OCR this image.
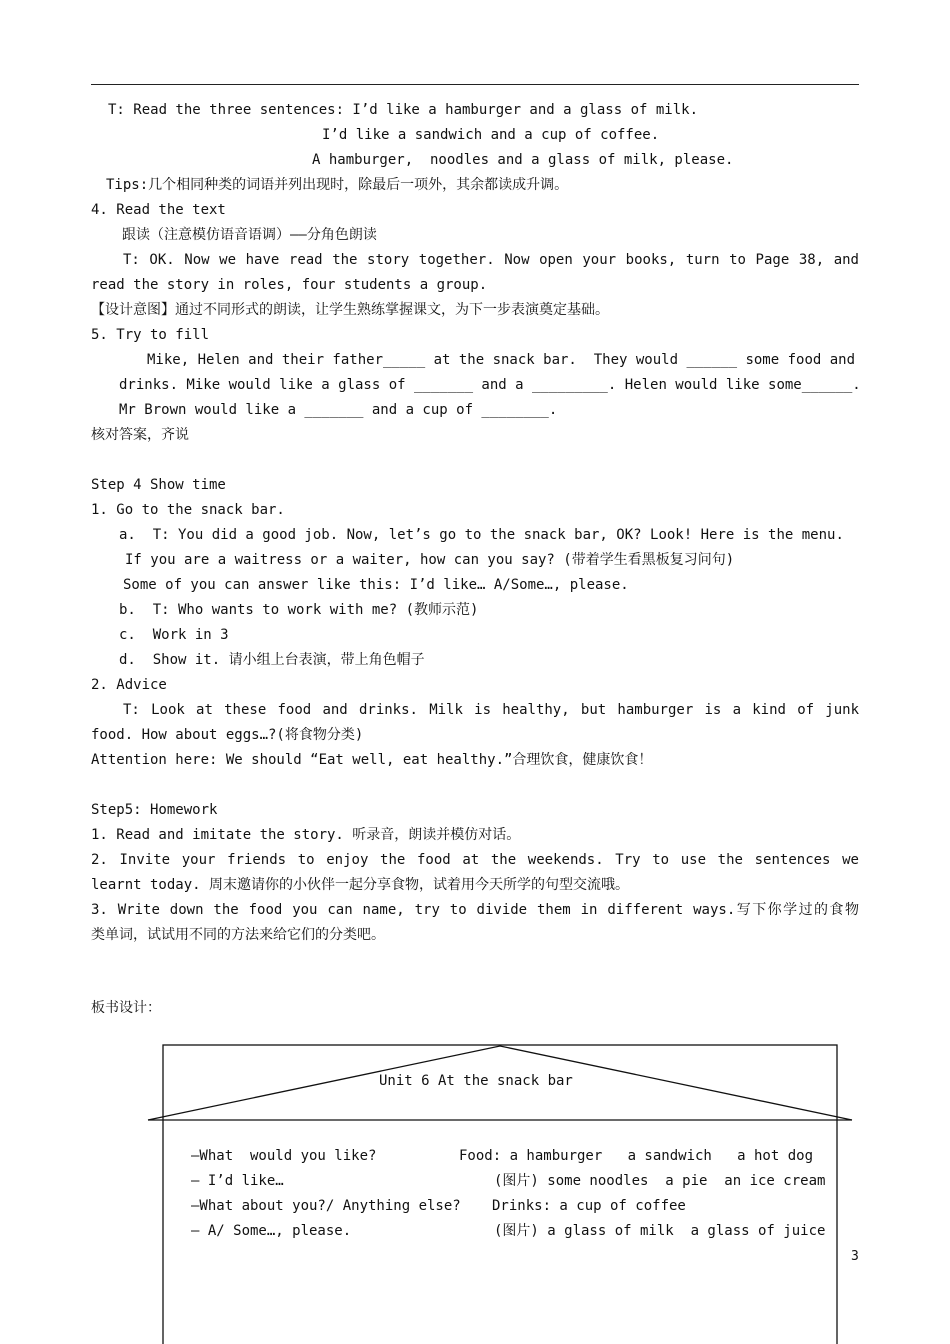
T: Read the three sentences: I’d like a hamburger and a glass of milk.
I’d like a sandwich and a cup of coffee.
A hamburger,  noodles and a glass of milk, please.
Tips:几个相同种类的词语并列出现时，除最后一项外，其余都读成升调。
4. Read the text
跟读（注意模仿语音语调）——分角色朗读
T: OK. Now we have read the story together. Now open your books, turn to Page 38, and
read the story in roles, four students a group.
【设计意图】通过不同形式的朗读，让学生熟练掌握课文，为下一步表演奠定基础。
5. Try to fill
Mike, Helen and their father_____ at the snack bar.  They would ______ some food and
drinks. Mike would like a glass of _______ and a _________. Helen would like some______.
Mr Brown would like a _______ and a cup of ________.
核对答案，齐说
Step 4 Show time
1. Go to the snack bar.
a.  T: You did a good job. Now, let’s go to the snack bar, OK? Look! Here is the menu.
If you are a waitress or a waiter, how can you say? (带着学生看黑板复习问句)
Some of you can answer like this: I’d like… A/Some…, please.
b.  T: Who wants to work with me? (教师示范)
c.  Work in 3
d.  Show it. 请小组上台表演，带上角色帽子
2. Advice
T: Look at these food and drinks. Milk is healthy, but hamburger is a kind of junk
food. How about eggs…?(将食物分类)
Attention here: We should “Eat well, eat healthy.”合理饮食，健康饮食！
Step5: Homework
1. Read and imitate the story. 听录音，朗读并模仿对话。
2. Invite your friends to enjoy the food at the weekends. Try to use the sentences we
learnt today. 周末邀请你的小伙伴一起分享食物，试着用今天所学的句型交流哦。
3. Write down the food you can name, try to divide them in different ways.写下你学过的食物
类单词，试试用不同的方法来给它们的分类吧。
板书设计：
Unit 6 At the snack bar
—What  would you like?
— I’d like…
—What about you?/ Anything else?
— A/ Some…, please.
Food: a hamburger   a sandwich   a hot dog
(图片) some noodles  a pie  an ice cream
Drinks: a cup of coffee
(图片) a glass of milk  a glass of juice
3
